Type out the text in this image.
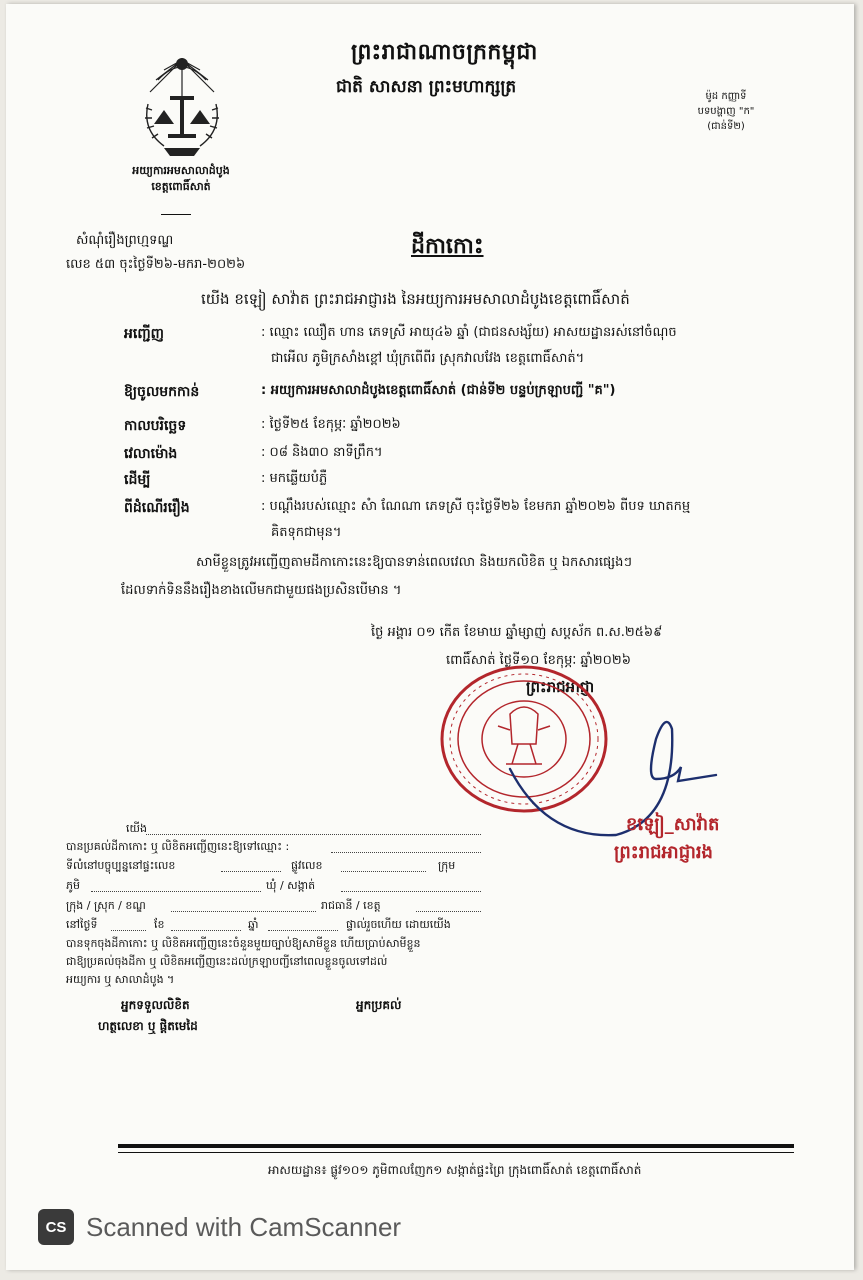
អយ្យការអមសាលាដំបូង
ខេត្តពោធិ៍សាត់
ព្រះរាជាណាចក្រកម្ពុជា
ជាតិ សាសនា ព្រះមហាក្សត្រ	ម៉ូដ កញ្ញាទី
បទបង្ហាញ "ក"
(ជាន់ទី២)
សំណុំរឿងព្រហ្មទណ្ឌ
លេខ ៥៣ ចុះថ្ងៃទី២៦-មករា-២០២៦
ដីកាកោះ
យើង ខឡៀ សាវ៉ាត ព្រះរាជអាជ្ញារង នៃអយ្យការអមសាលាដំបូងខេត្តពោធិ៍សាត់
អញ្ជើញ	: ឈ្មោះ ឈឿត ហាន ភេទស្រី អាយុ៤៦ ឆ្នាំ (ជាជនសង្ស័យ) អាសយដ្ឋានរស់នៅចំណុច
ជាអើល ភូមិក្រសាំងខ្ពៅ ឃុំក្រពើពីរ ស្រុកវាលវែង ខេត្តពោធិ៍សាត់។
ឱ្យចូលមកកាន់	: អយ្យការអមសាលាដំបូងខេត្តពោធិ៍សាត់ (ជាន់ទី២ បន្ទប់ក្រឡាបញ្ជី "គ")
កាលបរិច្ឆេទ	: ថ្ងៃទី២៥ ខែកុម្ភៈ ឆ្នាំ២០២៦
វេលាម៉ោង	: ០៨ និង៣០ នាទីព្រឹក។
ដើម្បី	: មកឆ្លើយបំភ្លឺ
ពីដំណើររឿង	: បណ្តឹងរបស់ឈ្មោះ សំា ណែណា ភេទស្រី ចុះថ្ងៃទី២៦ ខែមករា ឆ្នាំ២០២៦ ពីបទ ឃាតកម្ម
គិតទុកជាមុន។
សាមីខ្លួនត្រូវអញ្ជើញតាមដីកាកោះនេះឱ្យបានទាន់ពេលវេលា និងយកលិខិត ឬ ឯកសារផ្សេងៗ
ដែលទាក់ទិននឹងរឿងខាងលើមកជាមួយផងប្រសិនបើមាន ។
ថ្ងៃ អង្គារ ០១ កើត ខែមាឃ ឆ្នាំម្សាញ់ សប្តស័ក ព.ស.២៥៦៩
ពោធិ៍សាត់ ថ្ងៃទី១០ ខែកុម្ភៈ ឆ្នាំ២០២៦
ព្រះរាជអាជ្ញា
ខឡៀ_សាវ៉ាត
ព្រះរាជអាជ្ញារង
យើង
បានប្រគល់ដីកាកោះ ឬ លិខិតអញ្ជើញនេះឱ្យទៅឈ្មោះ :
ទីលំនៅបច្ចុប្បន្ននៅផ្ទះលេខ	ផ្លូវលេខ	ក្រុម
ភូមិ	ឃុំ / សង្កាត់
ក្រុង / ស្រុក / ខណ្ឌ	រាជធានី / ខេត្ត
នៅថ្ងៃទី	ខែ	ឆ្នាំ	ផ្ទាល់រួចហើយ ដោយយើង
បានទុកចុងដីកាកោះ ឬ លិខិតអញ្ជើញនេះចំនួនមួយច្បាប់ឱ្យសាមីខ្លួន ហើយប្រាប់សាមីខ្លួន
ជាឱ្យប្រគល់ចុងដីកា ឬ លិខិតអញ្ជើញនេះដល់ក្រឡាបញ្ជីនៅពេលខ្លួនចូលទៅដល់
អយ្យការ ឬ សាលាដំបូង ។
អ្នកទទួលលិខិត	អ្នកប្រគល់
ហត្ថលេខា ឬ ផ្តិតមេដៃ
អាសយដ្ឋាន៖ ផ្លូវ១០១ ភូមិពាលញែក១ សង្កាត់ផ្ទះព្រៃ ក្រុងពោធិ៍សាត់ ខេត្តពោធិ៍សាត់
CS Scanned with CamScanner
